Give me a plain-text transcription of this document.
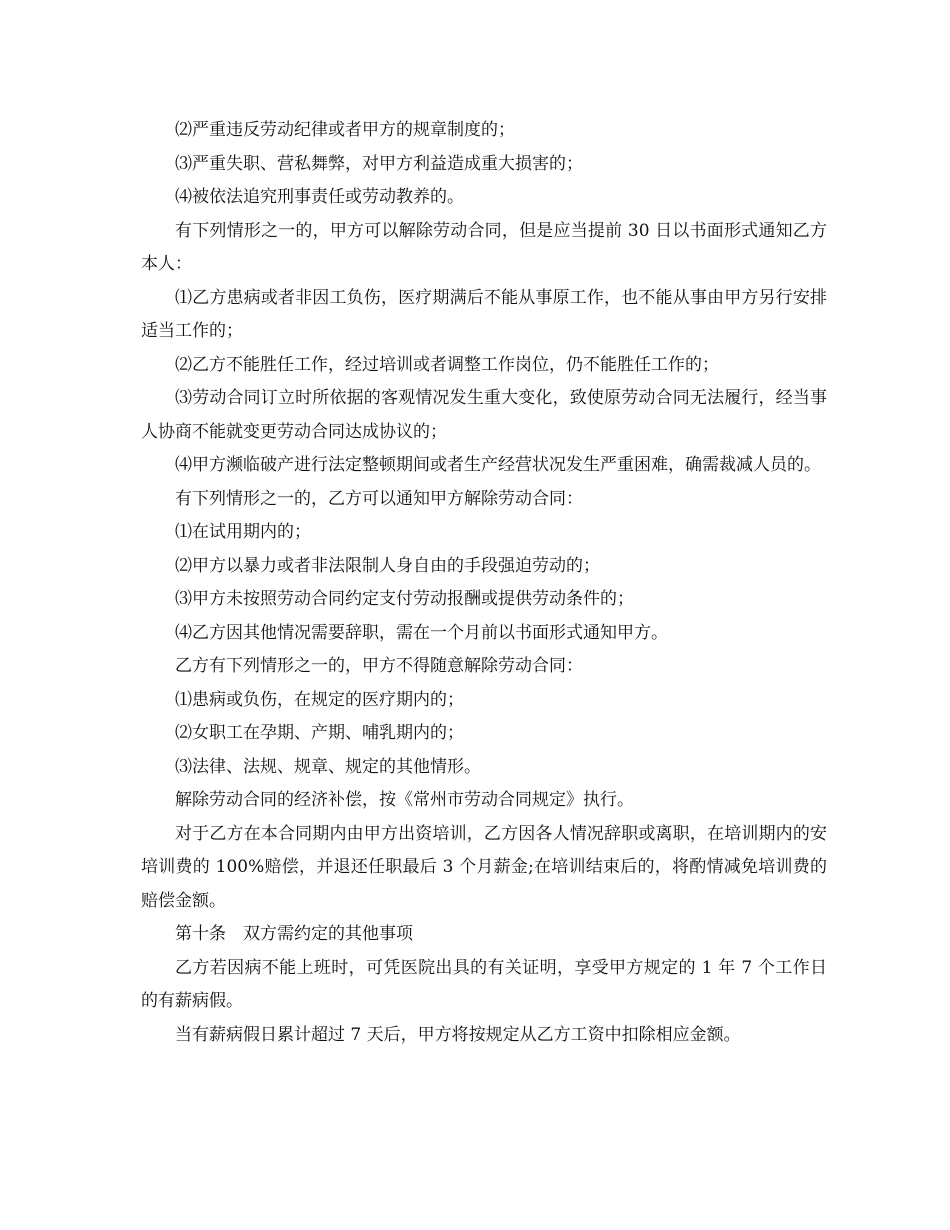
⑵严重违反劳动纪律或者甲方的规章制度的；

⑶严重失职、营私舞弊，对甲方利益造成重大损害的；

⑷被依法追究刑事责任或劳动教养的。

有下列情形之一的，甲方可以解除劳动合同，但是应当提前 30 日以书面形式通知乙方本人：

⑴乙方患病或者非因工负伤，医疗期满后不能从事原工作，也不能从事由甲方另行安排适当工作的；

⑵乙方不能胜任工作，经过培训或者调整工作岗位，仍不能胜任工作的；

⑶劳动合同订立时所依据的客观情况发生重大变化，致使原劳动合同无法履行，经当事人协商不能就变更劳动合同达成协议的；

⑷甲方濒临破产进行法定整顿期间或者生产经营状况发生严重困难，确需裁减人员的。

有下列情形之一的，乙方可以通知甲方解除劳动合同：

⑴在试用期内的；

⑵甲方以暴力或者非法限制人身自由的手段强迫劳动的；

⑶甲方未按照劳动合同约定支付劳动报酬或提供劳动条件的；

⑷乙方因其他情况需要辞职，需在一个月前以书面形式通知甲方。

乙方有下列情形之一的，甲方不得随意解除劳动合同：

⑴患病或负伤，在规定的医疗期内的；

⑵女职工在孕期、产期、哺乳期内的；

⑶法律、法规、规章、规定的其他情形。

解除劳动合同的经济补偿，按《常州市劳动合同规定》执行。

对于乙方在本合同期内由甲方出资培训，乙方因各人情况辞职或离职，在培训期内的安培训费的 100%赔偿，并退还任职最后 3 个月薪金;在培训结束后的，将酌情减免培训费的赔偿金额。

第十条　双方需约定的其他事项

乙方若因病不能上班时，可凭医院出具的有关证明，享受甲方规定的 1 年 7 个工作日的有薪病假。

当有薪病假日累计超过 7 天后，甲方将按规定从乙方工资中扣除相应金额。
